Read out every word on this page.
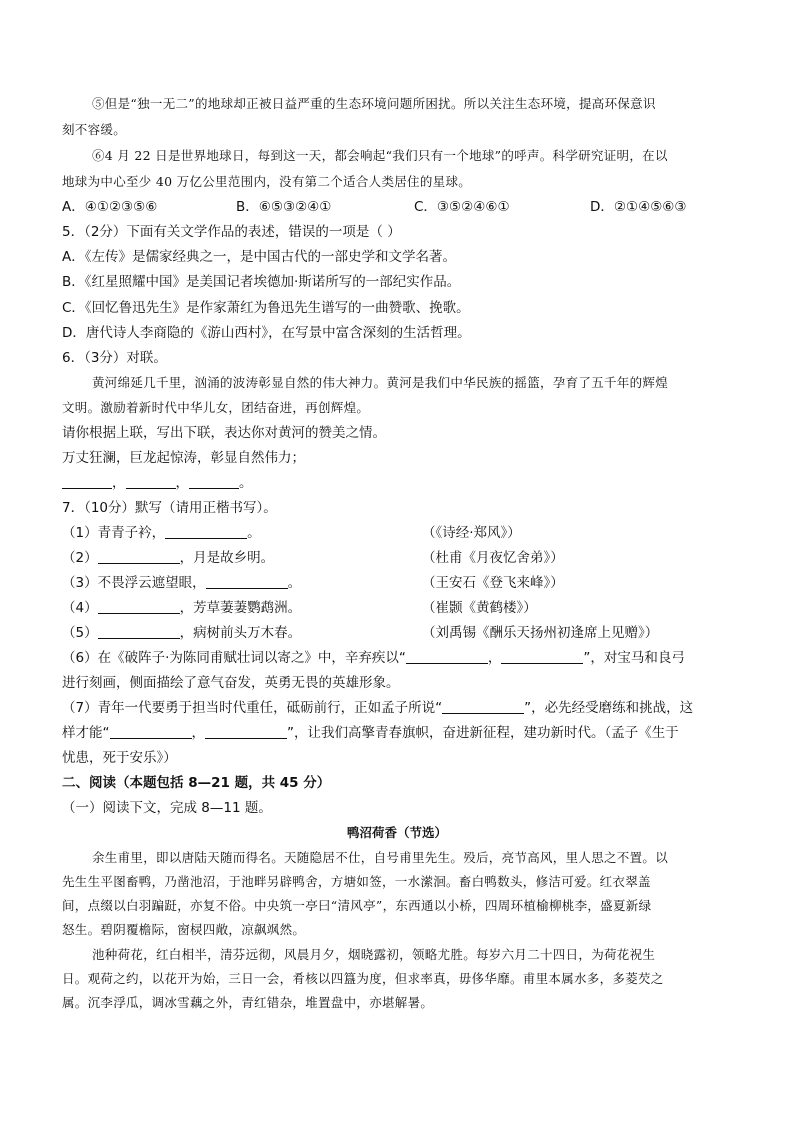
⑤但是“独一无二”的地球却正被日益严重的生态环境问题所困扰。所以关注生态环境，提高环保意识
刻不容缓。
⑥4 月 22 日是世界地球日，每到这一天，都会响起“我们只有一个地球”的呼声。科学研究证明，在以
地球为中心至少 40 万亿公里范围内，没有第二个适合人类居住的星球。
A．④①②③⑤⑥	B．⑥⑤③②④①	C．③⑤②④⑥①	D．②①④⑤⑥③
5．（2分）下面有关文学作品的表述，错误的一项是（ ）
A．《左传》是儒家经典之一，是中国古代的一部史学和文学名著。
B．《红星照耀中国》是美国记者埃德加·斯诺所写的一部纪实作品。
C．《回忆鲁迅先生》是作家萧红为鲁迅先生谱写的一曲赞歌、挽歌。
D．唐代诗人李商隐的《游山西村》，在写景中富含深刻的生活哲理。
6．（3分）对联。
黄河绵延几千里，汹涌的波涛彰显自然的伟大神力。黄河是我们中华民族的摇篮，孕育了五千年的辉煌
文明。激励着新时代中华儿女，团结奋进，再创辉煌。
请你根据上联，写出下联，表达你对黄河的赞美之情。
万丈狂澜，巨龙起惊涛，彰显自然伟力；
，	，	。
7．（10分）默写（请用正楷书写）。
（1）青青子衿，	。	（《诗经·郑风》）
（2）	，月是故乡明。	（杜甫《月夜忆舍弟》）
（3）不畏浮云遮望眼，	。	（王安石《登飞来峰》）
（4）	，芳草萋萋鹦鹉洲。	（崔颢《黄鹤楼》）
（5）	，病树前头万木春。	（刘禹锡《酬乐天扬州初逢席上见赠》）
（6）在《破阵子·为陈同甫赋壮词以寄之》中，辛弃疾以“	，	”，对宝马和良弓
进行刻画，侧面描绘了意气奋发，英勇无畏的英雄形象。
（7）青年一代要勇于担当时代重任，砥砺前行，正如孟子所说“	”，必先经受磨练和挑战，这
样才能“	，	”，让我们高擎青春旗帜，奋进新征程，建功新时代。（孟子《生于
忧患，死于安乐》）
二、阅读（本题包括 8—21 题，共 45 分）
（一）阅读下文，完成 8—11 题。
鸭沼荷香（节选）
余生甫里，即以唐陆天随而得名。天随隐居不仕，自号甫里先生。殁后，亮节高风，里人思之不置。以
先生生平图畜鸭，乃凿池沼，于池畔另辟鸭舍，方塘如签，一水潆洄。畜白鸭数头，修洁可爱。红衣翠盖
间，点缀以白羽蹁跹，亦复不俗。中央筑一亭曰“清风亭”，东西通以小桥，四周环植榆柳桃李，盛夏新绿
怒生。碧阴覆檐际，窗棂四敞，凉飙飒然。
池种荷花，红白相半，清芬远彻，风晨月夕，烟晓露初，领略尤胜。每岁六月二十四日，为荷花祝生
日。观荷之约，以花开为始，三日一会，肴核以四簋为度，但求率真，毋侈华靡。甫里本属水多，多菱芡之
属。沉李浮瓜，调冰雪藕之外，青红错杂，堆置盘中，亦堪解暑。
